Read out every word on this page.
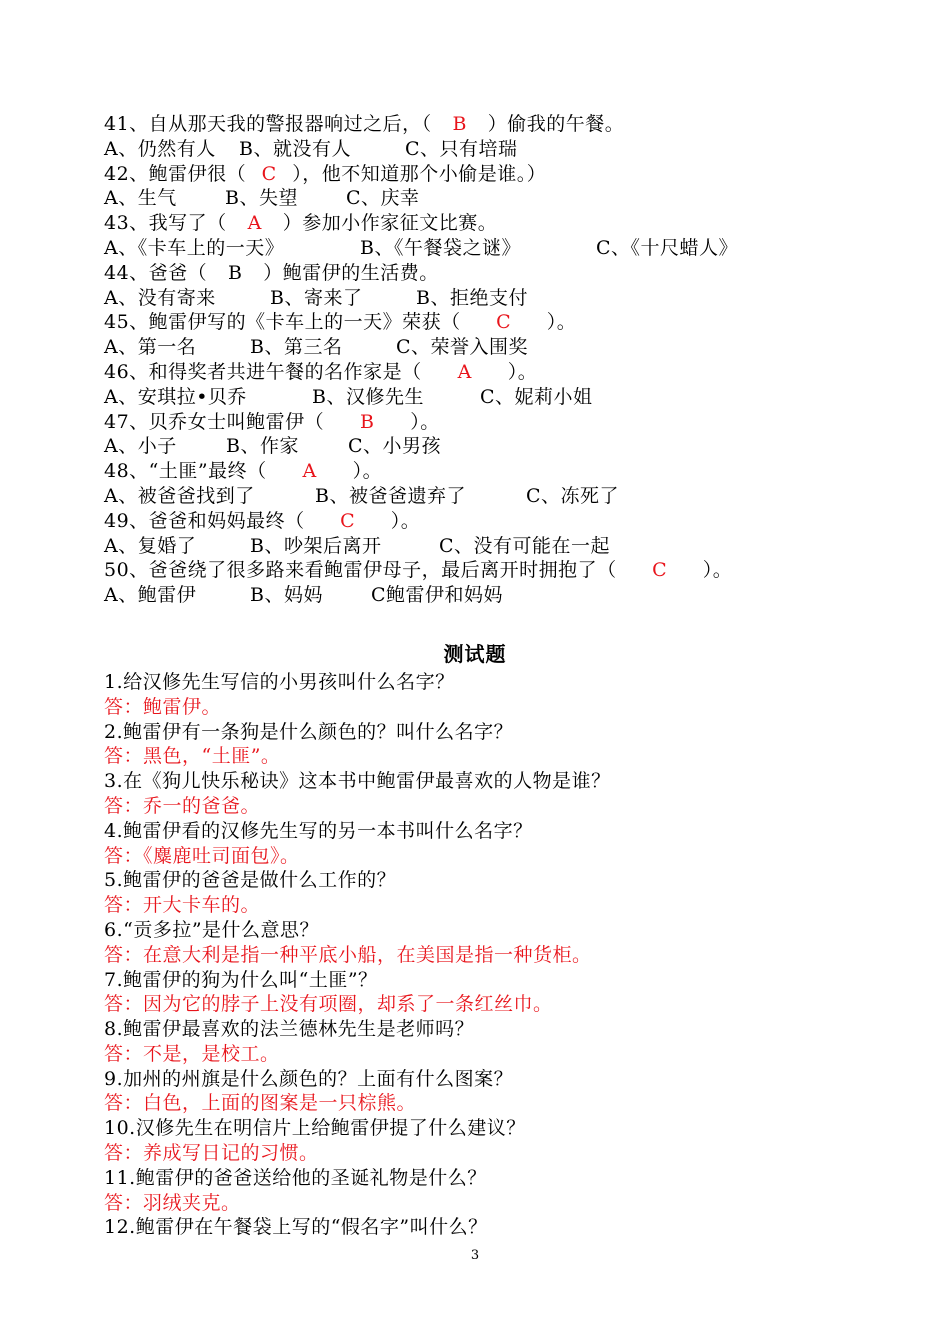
41、自从那天我的警报器响过之后，（ B ）偷我的午餐。
A、仍然有人 B、就没有人	C、只有培瑞
42、鲍雷伊很（ C ），他不知道那个小偷是谁。）
A、生气	B、失望	C、庆幸
43、我写了（ A ）参加小作家征文比赛。
A、《卡车上的一天》	B、《午餐袋之谜》	C、《十尺蜡人》
44、爸爸（ B ）鲍雷伊的生活费。
A、没有寄来	B、寄来了	B、拒绝支付
45、鲍雷伊写的《卡车上的一天》荣获（ C ）。
A、第一名	B、第三名	C、荣誉入围奖
46、和得奖者共进午餐的名作家是（ A ）。
A、安琪拉•贝乔	B、汉修先生	C、妮莉小姐
47、贝乔女士叫鲍雷伊（ B ）。
A、小子	B、作家	C、小男孩
48、“土匪”最终（ A ）。
A、被爸爸找到了	B、被爸爸遗弃了	C、冻死了
49、爸爸和妈妈最终（ C ）。
A、复婚了	B、吵架后离开	C、没有可能在一起
50、爸爸绕了很多路来看鲍雷伊母子，最后离开时拥抱了（ C ）。
A、鲍雷伊	B、妈妈	C鲍雷伊和妈妈
测试题
1.给汉修先生写信的小男孩叫什么名字？
答：鲍雷伊。
2.鲍雷伊有一条狗是什么颜色的？叫什么名字？
答：黑色，“土匪”。
3.在《狗儿快乐秘诀》这本书中鲍雷伊最喜欢的人物是谁？
答：乔一的爸爸。
4.鲍雷伊看的汉修先生写的另一本书叫什么名字？
答：《麋鹿吐司面包》。
5.鲍雷伊的爸爸是做什么工作的？
答：开大卡车的。
6.“贡多拉”是什么意思？
答：在意大利是指一种平底小船，在美国是指一种货柜。
7.鲍雷伊的狗为什么叫“土匪”？
答：因为它的脖子上没有项圈，却系了一条红丝巾。
8.鲍雷伊最喜欢的法兰德林先生是老师吗？
答：不是，是校工。
9.加州的州旗是什么颜色的？上面有什么图案？
答：白色，上面的图案是一只棕熊。
10.汉修先生在明信片上给鲍雷伊提了什么建议？
答：养成写日记的习惯。
11.鲍雷伊的爸爸送给他的圣诞礼物是什么？
答：羽绒夹克。
12.鲍雷伊在午餐袋上写的“假名字”叫什么？
3
